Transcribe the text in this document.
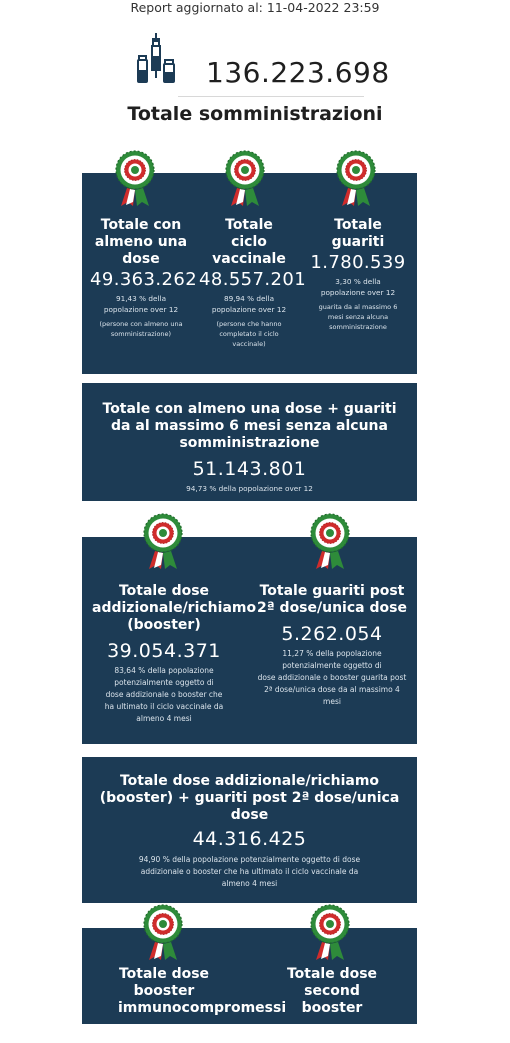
Report aggiornato al: 11-04-2022 23:59
136.223.698
Totale somministrazioni
Totale con almeno una dose
49.363.262
91,43 % della popolazione over 12
(persone con almeno una somministrazione)
Totale ciclo vaccinale
48.557.201
89,94 % della popolazione over 12
(persone che hanno completato il ciclo vaccinale)
Totale guariti
1.780.539
3,30 % della popolazione over 12
guarita da al massimo 6 mesi senza alcuna somministrazione
Totale con almeno una dose + guariti da al massimo 6 mesi senza alcuna somministrazione
51.143.801
94,73 % della popolazione over 12
Totale dose addizionale/richiamo (booster)
39.054.371
83,64 % della popolazione potenzialmente oggetto di
dose addizionale o booster che ha ultimato il ciclo vaccinale da almeno 4 mesi
Totale guariti post 2ª dose/unica dose
5.262.054
11,27 % della popolazione potenzialmente oggetto di
dose addizionale o booster guarita post 2ª dose/unica dose da al massimo 4 mesi
Totale dose addizionale/richiamo (booster) + guariti post 2ª dose/unica dose
44.316.425
94,90 % della popolazione potenzialmente oggetto di dose addizionale o booster che ha ultimato il ciclo vaccinale da almeno 4 mesi
Totale dose booster immunocompromessi
Totale dose second booster
124
